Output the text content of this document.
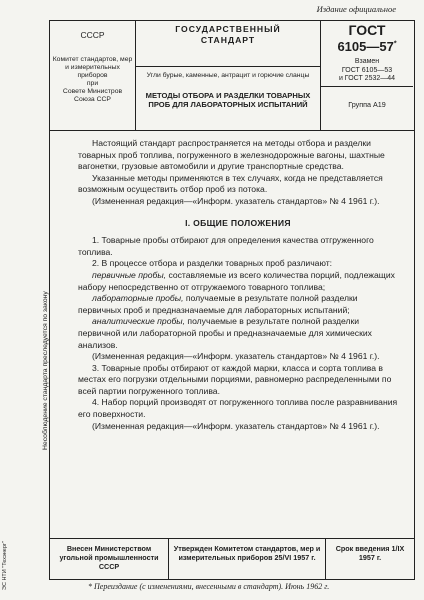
Издание официальное
Несоблюдение стандарта преследуется по закону
ЭС НТИ "Техэнерг"
СССР
Комитет стандартов, мер и измерительных приборов
при
Совете Министров
Союза ССР
ГОСУДАРСТВЕННЫЙ
СТАНДАРТ
Угли бурые, каменные, антрацит и горючие сланцы
МЕТОДЫ ОТБОРА И РАЗДЕЛКИ ТОВАРНЫХ ПРОБ ДЛЯ ЛАБОРАТОРНЫХ ИСПЫТАНИЙ
ГОСТ
6105—57*
Взамен
ГОСТ 6105—53
и ГОСТ 2532—44
Группа А19

Настоящий стандарт распространяется на методы отбора и разделки товарных проб топлива, погруженного в железнодорожные вагоны, шахтные вагонетки, грузовые автомобили и другие транспортные средства.

Указанные методы применяются в тех случаях, когда не представляется возможным осуществить отбор проб из потока.

(Измененная редакция—«Информ. указатель стандартов» № 4 1961 г.).

I. ОБЩИЕ ПОЛОЖЕНИЯ

1. Товарные пробы отбирают для определения качества отгруженного топлива.

2. В процессе отбора и разделки товарных проб различают:

первичные пробы, составляемые из всего количества порций, подлежащих набору непосредственно от отгружаемого товарного топлива;

лабораторные пробы, получаемые в результате полной разделки первичных проб и предназначаемые для лабораторных испытаний;

аналитические пробы, получаемые в результате полной разделки первичной или лабораторной пробы и предназначаемые для химических анализов.

(Измененная редакция—«Информ. указатель стандартов» № 4 1961 г.).

3. Товарные пробы отбирают от каждой марки, класса и сорта топлива в местах его погрузки отдельными порциями, равномерно распределенными по всей партии погруженного топлива.

4. Набор порций производят от погруженного топлива после разравнивания его поверхности.

(Измененная редакция—«Информ. указатель стандартов» № 4 1961 г.).

Внесен Министерством угольной промышленности СССР
Утвержден Комитетом стандартов, мер и измерительных приборов 25/VI 1957 г.
Срок введения 1/IX 1957 г.
* Переиздание (с изменениями, внесенными в стандарт). Июнь 1962 г.
